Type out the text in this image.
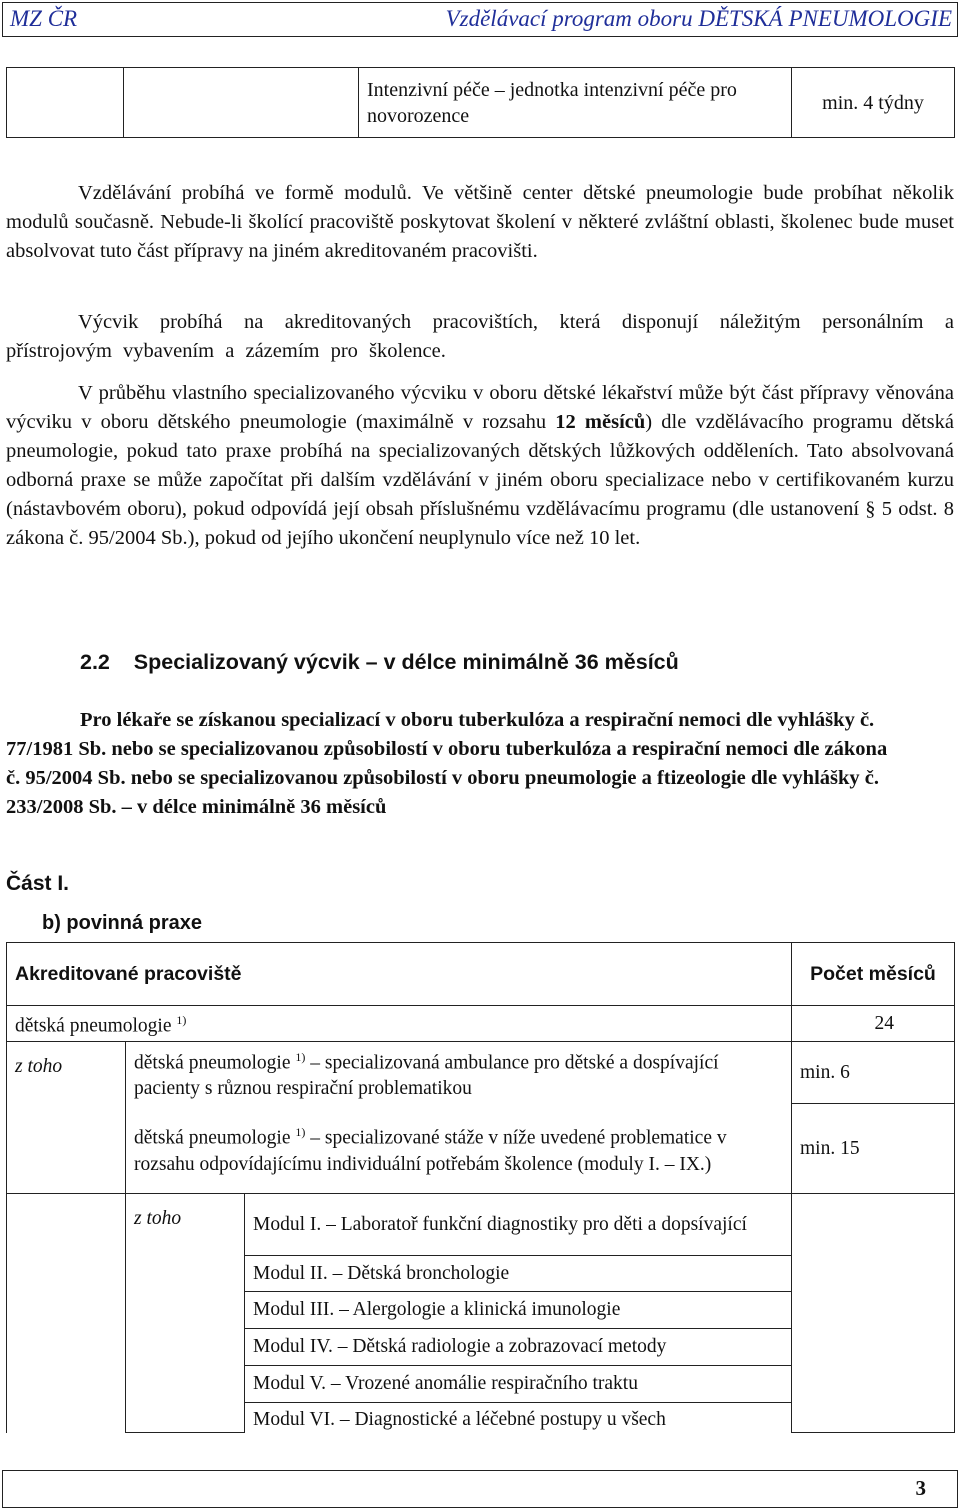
MZ ČR	Vzdělávací program oboru DĚTSKÁ PNEUMOLOGIE
		Intenzivní péče – jednotka intenzivní péče pro novorozence	min. 4 týdny

Vzdělávání probíhá ve formě modulů. Ve většině center dětské pneumologie bude probíhat několik modulů současně. Nebude-li školící pracoviště poskytovat školení v některé zvláštní oblasti, školenec bude muset absolvovat tuto část přípravy na jiném akreditovaném pracovišti.

Výcvik probíhá na akreditovaných pracovištích, která disponují náležitým personálním a přístrojovým vybavením a zázemím pro školence.

V průběhu vlastního specializovaného výcviku v oboru dětské lékařství může být část přípravy věnována výcviku v oboru dětského pneumologie (maximálně v rozsahu 12 měsíců) dle vzdělávacího programu dětská pneumologie, pokud tato praxe probíhá na specializovaných dětských lůžkových odděleních. Tato absolvovaná odborná praxe se může započítat při dalším vzdělávání v jiném oboru specializace nebo v certifikovaném kurzu (nástavbovém oboru), pokud odpovídá její obsah příslušnému vzdělávacímu programu (dle ustanovení § 5 odst. 8 zákona č. 95/2004 Sb.), pokud od jejího ukončení neuplynulo více než 10 let.

2.2 Specializovaný výcvik – v délce minimálně 36 měsíců

Pro lékaře se získanou specializací v oboru tuberkulóza a respirační nemoci dle vyhlášky č. 77/1981 Sb. nebo se specializovanou způsobilostí v oboru tuberkulóza a respirační nemoci dle zákona č. 95/2004 Sb. nebo se specializovanou způsobilostí v oboru pneumologie a ftizeologie dle vyhlášky č. 233/2008 Sb. – v délce minimálně 36 měsíců

Část I.
b) povinná praxe
Akreditované pracoviště			Počet měsíců
dětská pneumologie $^{1)}$			24
z toho	dětská pneumologie $^{1)}$ – specializovaná ambulance pro dětské a dospívající pacienty s různou respirační problematikou		min. 6
	dětská pneumologie $^{1)}$ – specializované stáže v níže uvedené problematice v rozsahu odpovídajícímu individuální potřebám školence (moduly I. – IX.)		min. 15
	z toho	Modul I. – Laboratoř funkční diagnostiky pro děti a dopsívající	
		Modul II. – Dětská bronchologie	
		Modul III. – Alergologie a klinická imunologie	
		Modul IV. – Dětská radiologie a zobrazovací metody	
		Modul V. – Vrozené anomálie respiračního traktu	
		Modul VI. – Diagnostické a léčebné postupy u všech	
3
